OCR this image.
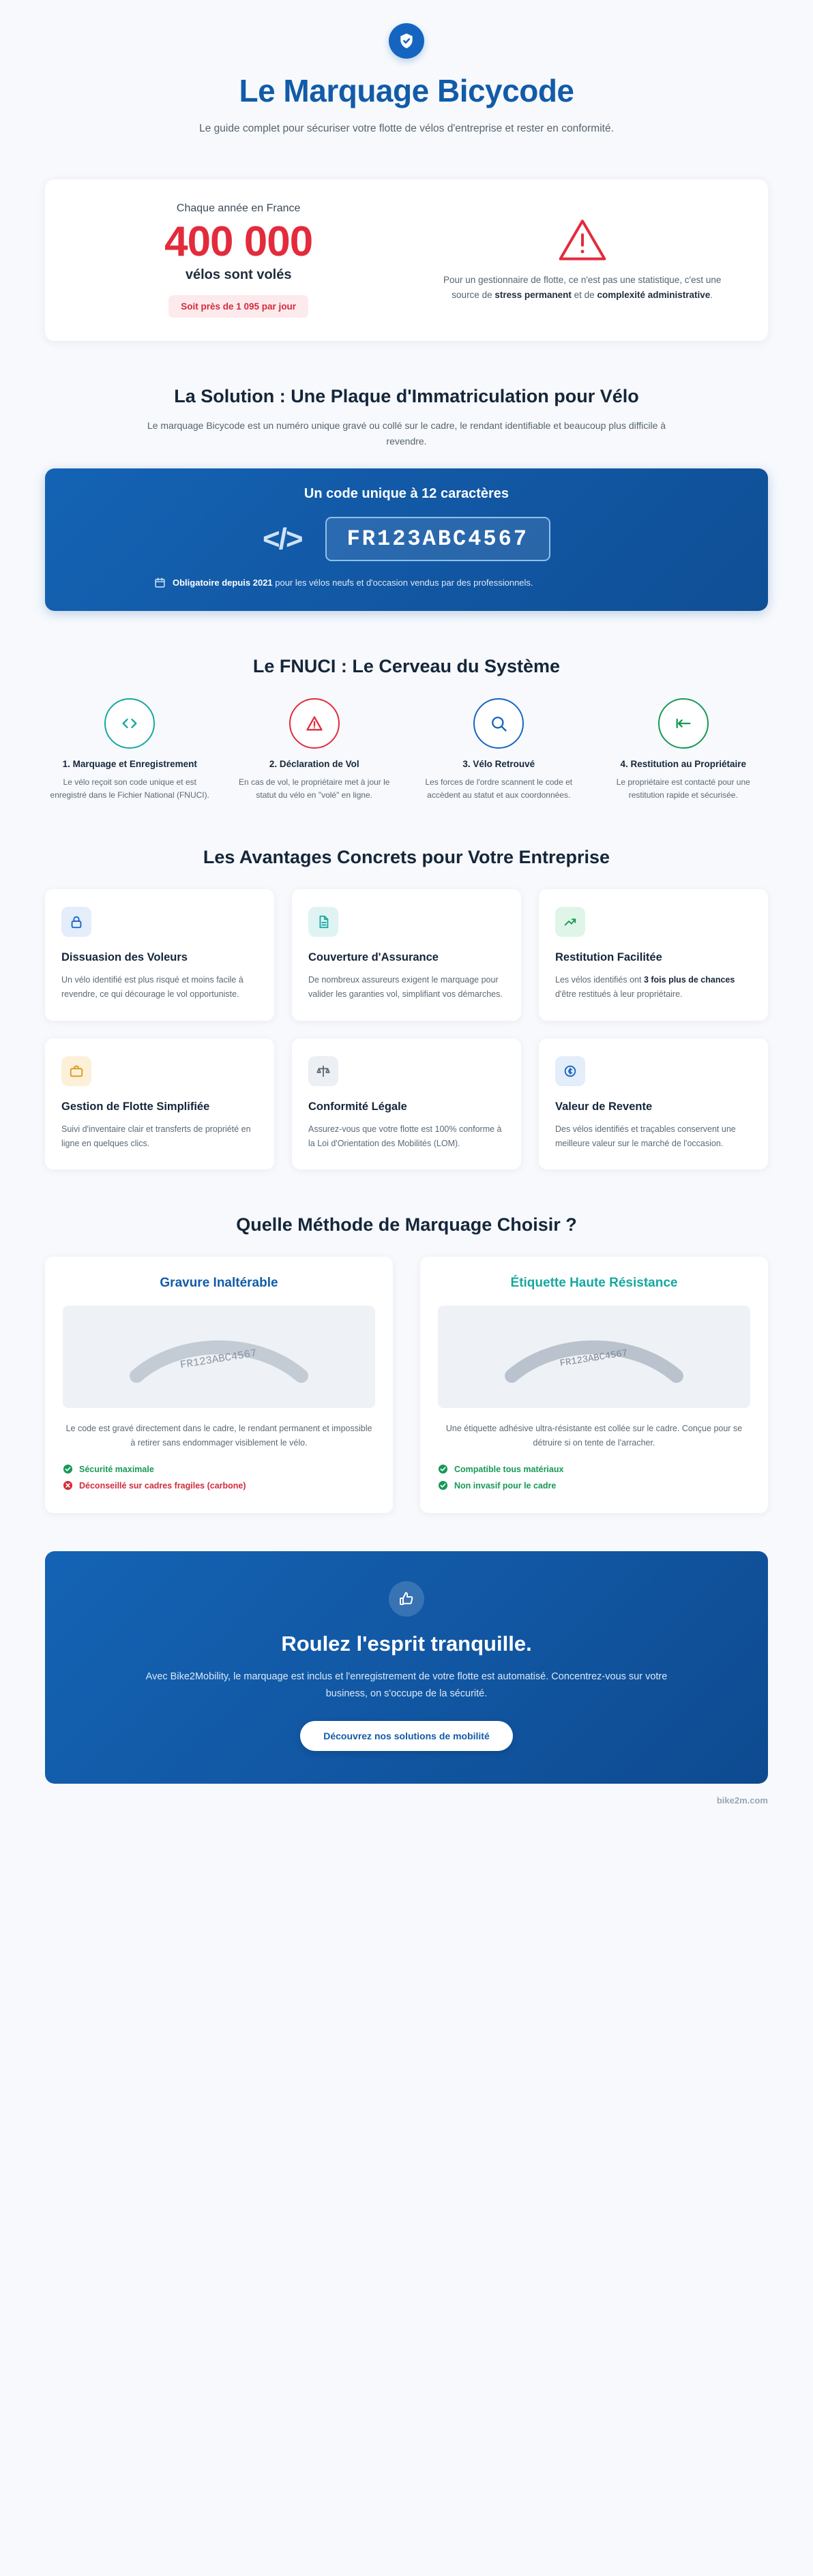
Le Marquage Bicycode

Le guide complet pour sécuriser votre flotte de vélos d'entreprise et rester en conformité.

Chaque année en France
400 000
vélos sont volés
Soit près de 1 095 par jour

Pour un gestionnaire de flotte, ce n'est pas une statistique, c'est une source de stress permanent et de complexité administrative.

La Solution : Une Plaque d'Immatriculation pour Vélo

Le marquage Bicycode est un numéro unique gravé ou collé sur le cadre, le rendant identifiable et beaucoup plus difficile à revendre.

Un code unique à 12 caractères
</>	FR123ABC4567
Obligatoire depuis 2021 pour les vélos neufs et d'occasion vendus par des professionnels.
Le FNUCI : Le Cerveau du Système
1. Marquage et Enregistrement

Le vélo reçoit son code unique et est enregistré dans le Fichier National (FNUCI).

2. Déclaration de Vol

En cas de vol, le propriétaire met à jour le statut du vélo en "volé" en ligne.

3. Vélo Retrouvé

Les forces de l'ordre scannent le code et accèdent au statut et aux coordonnées.

4. Restitution au Propriétaire

Le propriétaire est contacté pour une restitution rapide et sécurisée.

Les Avantages Concrets pour Votre Entreprise
Dissuasion des Voleurs

Un vélo identifié est plus risqué et moins facile à revendre, ce qui décourage le vol opportuniste.

Couverture d'Assurance

De nombreux assureurs exigent le marquage pour valider les garanties vol, simplifiant vos démarches.

Restitution Facilitée

Les vélos identifiés ont 3 fois plus de chances d'être restitués à leur propriétaire.

Gestion de Flotte Simplifiée

Suivi d'inventaire clair et transferts de propriété en ligne en quelques clics.

Conformité Légale

Assurez-vous que votre flotte est 100% conforme à la Loi d'Orientation des Mobilités (LOM).

Valeur de Revente

Des vélos identifiés et traçables conservent une meilleure valeur sur le marché de l'occasion.

Quelle Méthode de Marquage Choisir ?
Gravure Inaltérable
FR123ABC4567

Le code est gravé directement dans le cadre, le rendant permanent et impossible à retirer sans endommager visiblement le vélo.

Sécurité maximale
Déconseillé sur cadres fragiles (carbone)
Étiquette Haute Résistance
FR123ABC4567

Une étiquette adhésive ultra-résistante est collée sur le cadre. Conçue pour se détruire si on tente de l'arracher.

Compatible tous matériaux
Non invasif pour le cadre
Roulez l'esprit tranquille.

Avec Bike2Mobility, le marquage est inclus et l'enregistrement de votre flotte est automatisé. Concentrez-vous sur votre business, on s'occupe de la sécurité.

Découvrez nos solutions de mobilité
bike2m.com
